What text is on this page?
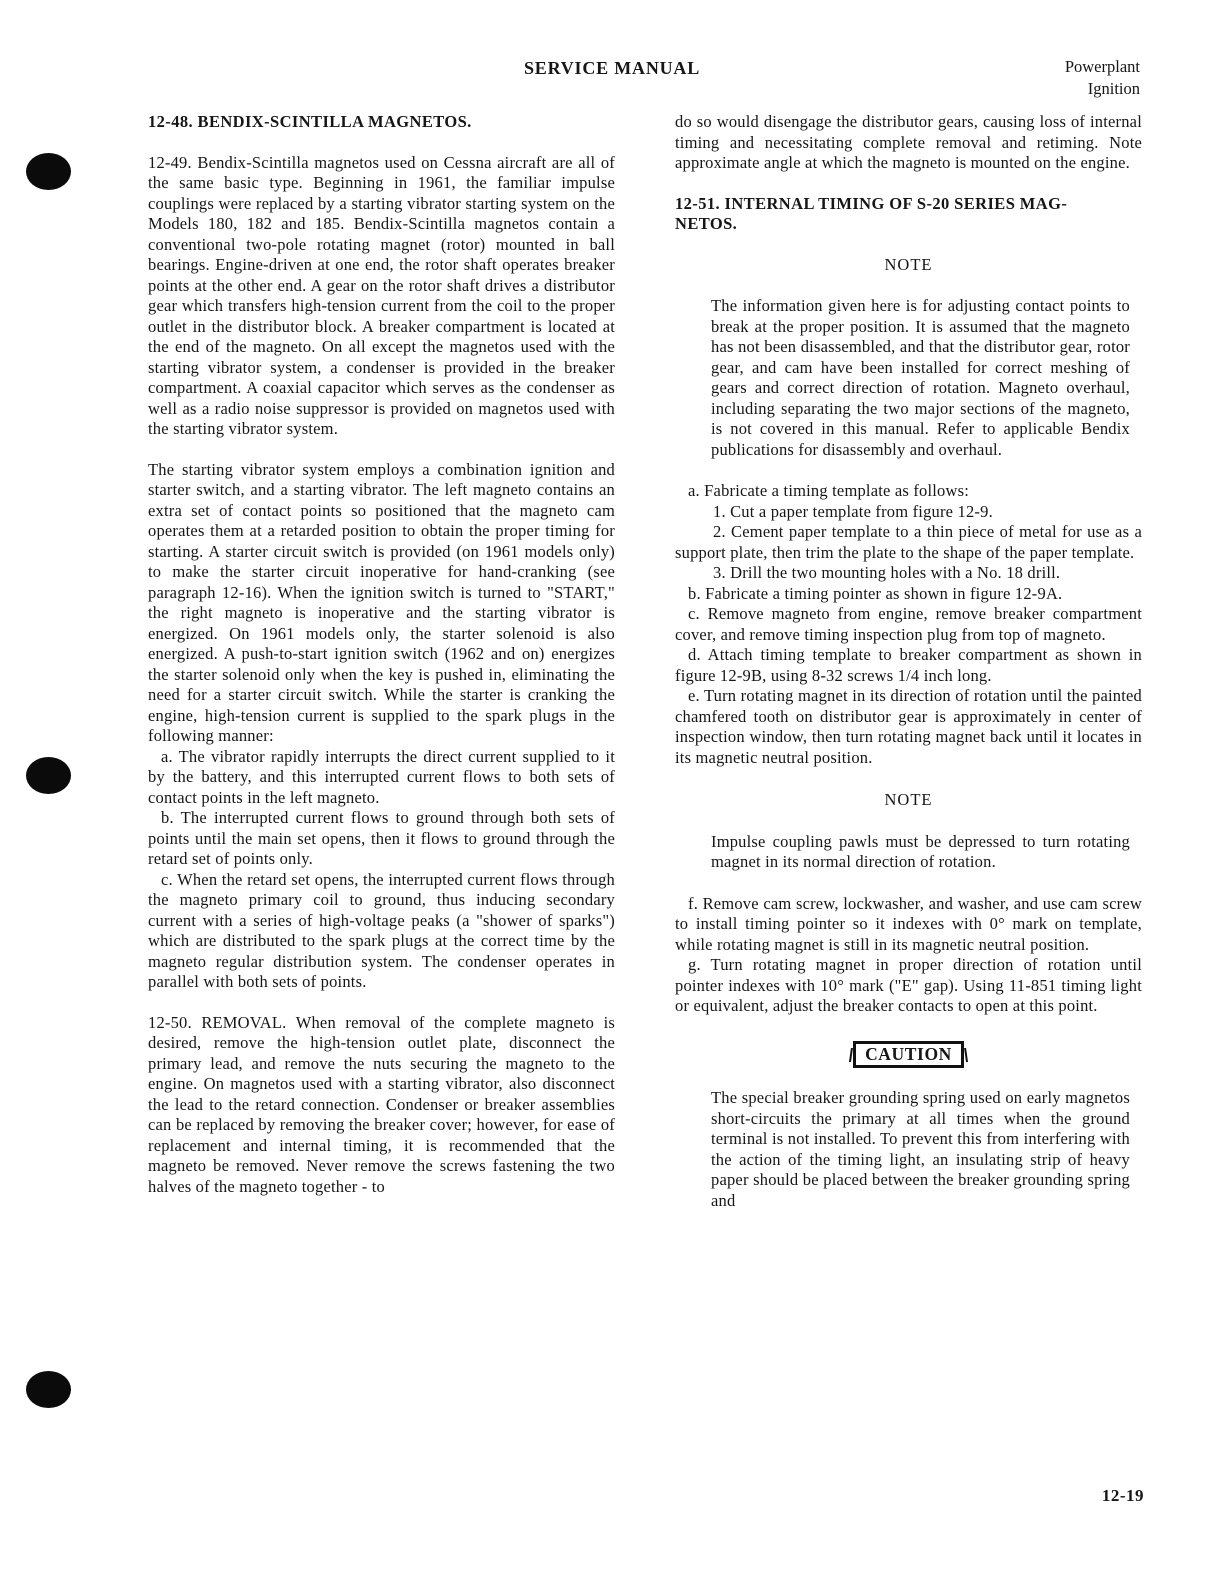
SERVICE MANUAL	Powerplant
Ignition

12-48. BENDIX-SCINTILLA MAGNETOS.

12-49. Bendix-Scintilla magnetos used on Cessna aircraft are all of the same basic type. Beginning in 1961, the familiar impulse couplings were replaced by a starting vibrator starting system on the Models 180, 182 and 185. Bendix-Scintilla magnetos contain a conventional two-pole rotating magnet (rotor) mounted in ball bearings. Engine-driven at one end, the rotor shaft operates breaker points at the other end. A gear on the rotor shaft drives a distributor gear which transfers high-tension current from the coil to the proper outlet in the distributor block. A breaker compartment is located at the end of the magneto. On all except the magnetos used with the starting vibrator system, a condenser is provided in the breaker compartment. A coaxial capacitor which serves as the condenser as well as a radio noise suppressor is provided on magnetos used with the starting vibrator system.

The starting vibrator system employs a combination ignition and starter switch, and a starting vibrator. The left magneto contains an extra set of contact points so positioned that the magneto cam operates them at a retarded position to obtain the proper timing for starting. A starter circuit switch is provided (on 1961 models only) to make the starter circuit inoperative for hand-cranking (see paragraph 12-16). When the ignition switch is turned to "START," the right magneto is inoperative and the starting vibrator is energized. On 1961 models only, the starter solenoid is also energized. A push-to-start ignition switch (1962 and on) energizes the starter solenoid only when the key is pushed in, eliminating the need for a starter circuit switch. While the starter is cranking the engine, high-tension current is supplied to the spark plugs in the following manner:

a. The vibrator rapidly interrupts the direct current supplied to it by the battery, and this interrupted current flows to both sets of contact points in the left magneto.

b. The interrupted current flows to ground through both sets of points until the main set opens, then it flows to ground through the retard set of points only.

c. When the retard set opens, the interrupted current flows through the magneto primary coil to ground, thus inducing secondary current with a series of high-voltage peaks (a "shower of sparks") which are distributed to the spark plugs at the correct time by the magneto regular distribution system. The condenser operates in parallel with both sets of points.

12-50. REMOVAL. When removal of the complete magneto is desired, remove the high-tension outlet plate, disconnect the primary lead, and remove the nuts securing the magneto to the engine. On magnetos used with a starting vibrator, also disconnect the lead to the retard connection. Condenser or breaker assemblies can be replaced by removing the breaker cover; however, for ease of replacement and internal timing, it is recommended that the magneto be removed. Never remove the screws fastening the two halves of the magneto together - to

do so would disengage the distributor gears, causing loss of internal timing and necessitating complete removal and retiming. Note approximate angle at which the magneto is mounted on the engine.

12-51. INTERNAL TIMING OF S-20 SERIES MAG-
NETOS.

NOTE

The information given here is for adjusting contact points to break at the proper position. It is assumed that the magneto has not been disassembled, and that the distributor gear, rotor gear, and cam have been installed for correct meshing of gears and correct direction of rotation. Magneto overhaul, including separating the two major sections of the magneto, is not covered in this manual. Refer to applicable Bendix publications for disassembly and overhaul.

a. Fabricate a timing template as follows:

1. Cut a paper template from figure 12-9.

2. Cement paper template to a thin piece of metal for use as a support plate, then trim the plate to the shape of the paper template.

3. Drill the two mounting holes with a No. 18 drill.

b. Fabricate a timing pointer as shown in figure 12-9A.

c. Remove magneto from engine, remove breaker compartment cover, and remove timing inspection plug from top of magneto.

d. Attach timing template to breaker compartment as shown in figure 12-9B, using 8-32 screws 1/4 inch long.

e. Turn rotating magnet in its direction of rotation until the painted chamfered tooth on distributor gear is approximately in center of inspection window, then turn rotating magnet back until it locates in its magnetic neutral position.

NOTE

Impulse coupling pawls must be depressed to turn rotating magnet in its normal direction of rotation.

f. Remove cam screw, lockwasher, and washer, and use cam screw to install timing pointer so it indexes with 0° mark on template, while rotating magnet is still in its magnetic neutral position.

g. Turn rotating magnet in proper direction of rotation until pointer indexes with 10° mark ("E" gap). Using 11-851 timing light or equivalent, adjust the breaker contacts to open at this point.

CAUTION

The special breaker grounding spring used on early magnetos short-circuits the primary at all times when the ground terminal is not installed. To prevent this from interfering with the action of the timing light, an insulating strip of heavy paper should be placed between the breaker grounding spring and

12-19
